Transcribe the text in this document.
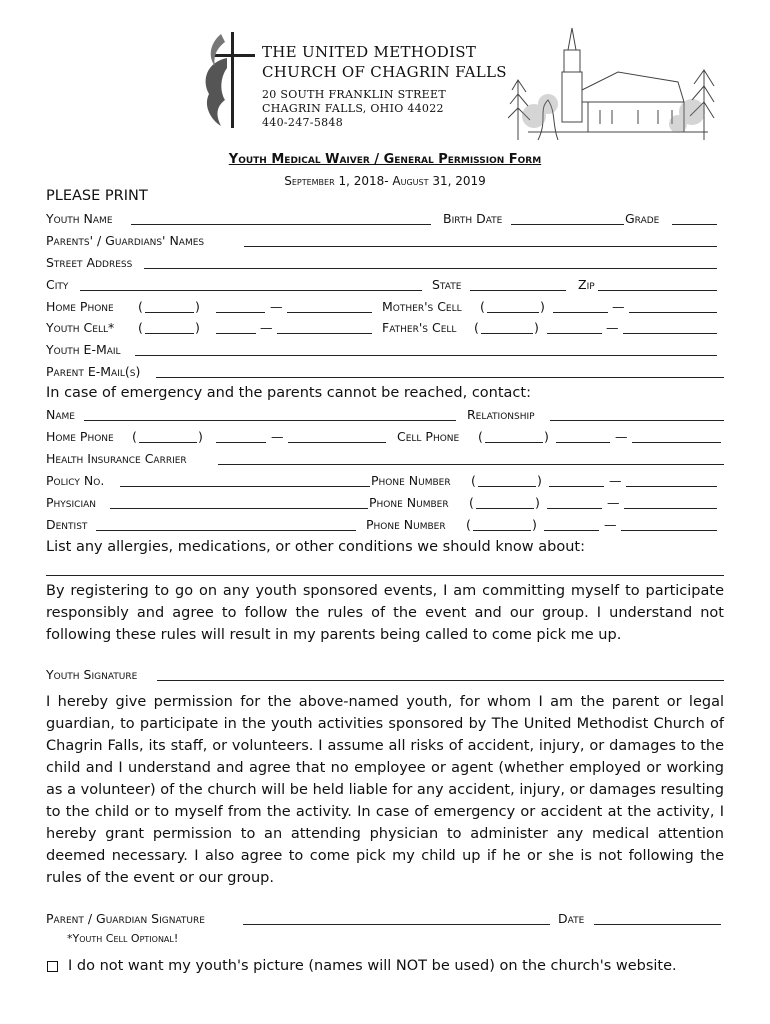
THE UNITED METHODIST
CHURCH OF CHAGRIN FALLS
20 SOUTH FRANKLIN STREET
CHAGRIN FALLS, OHIO 44022
440-247-5848
Youth Medical Waiver / General Permission Form
September 1, 2018- August 31, 2019
PLEASE PRINT
Youth Name	Birth Date	Grade
Parents' / Guardians' Names
Street Address
City	State	Zip
Home Phone (	)	—	Mother's Cell (	)	—
Youth Cell* (	)	—	Father's Cell (	)	—
Youth E-Mail
Parent E-Mail(s)
In case of emergency and the parents cannot be reached, contact:
Name	Relationship
Home Phone (	)	—	Cell Phone (	)	—
Health Insurance Carrier
Policy No.	Phone Number (	)	—
Physician	Phone Number (	)	—
Dentist	Phone Number (	)	—
List any allergies, medications, or other conditions we should know about:
By registering to go on any youth sponsored events, I am committing myself to participate responsibly and agree to follow the rules of the event and our group. I understand not following these rules will result in my parents being called to come pick me up.
Youth Signature
I hereby give permission for the above-named youth, for whom I am the parent or legal guardian, to participate in the youth activities sponsored by The United Methodist Church of Chagrin Falls, its staff, or volunteers. I assume all risks of accident, injury, or damages to the child and I understand and agree that no employee or agent (whether employed or working as a volunteer) of the church will be held liable for any accident, injury, or damages resulting to the child or to myself from the activity. In case of emergency or accident at the activity, I hereby grant permission to an attending physician to administer any medical attention deemed necessary. I also agree to come pick my child up if he or she is not following the rules of the event or our group.
Parent / Guardian Signature	Date
*Youth Cell Optional!
I do not want my youth's picture (names will NOT be used) on the church's website.
